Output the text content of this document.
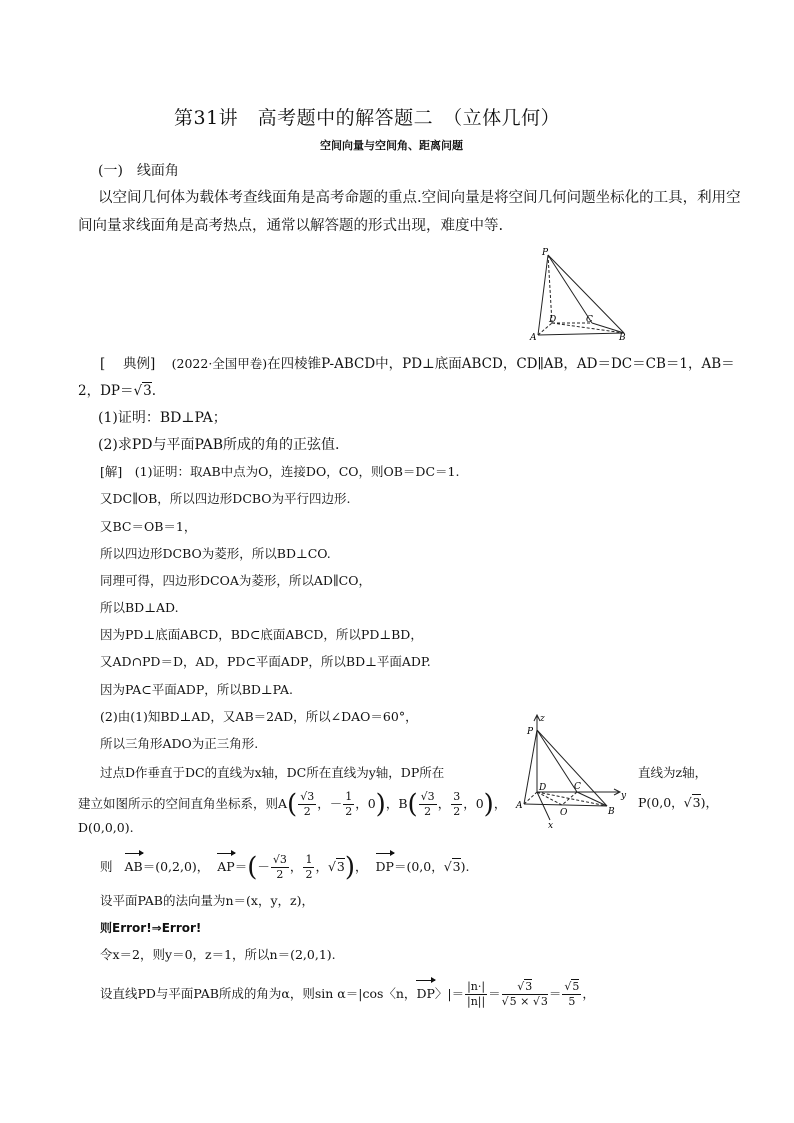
第31讲　高考题中的解答题二　（立体几何）
空间向量与空间角、距离问题
(一)　线面角
以空间几何体为载体考查线面角是高考命题的重点.空间向量是将空间几何问题坐标化的工具，利用空
间向量求线面角是高考热点，通常以解答题的形式出现，难度中等.
P
D	C
A	B
[　 典例] (2022·全国甲卷)在四棱锥P-ABCD中，PD⊥底面ABCD，CD∥AB，AD＝DC＝CB＝1，AB＝
2，DP＝√3.
(1)证明：BD⊥PA；
(2)求PD与平面PAB所成的角的正弦值.
[解]　(1)证明：取AB中点为O，连接DO，CO，则OB＝DC＝1.
又DC∥OB，所以四边形DCBO为平行四边形.
又BC＝OB＝1，
所以四边形DCBO为菱形，所以BD⊥CO.
同理可得，四边形DCOA为菱形，所以AD∥CO，
所以BD⊥AD.
因为PD⊥底面ABCD，BD⊂底面ABCD，所以PD⊥BD，
又AD∩PD＝D，AD，PD⊂平面ADP，所以BD⊥平面ADP.
因为PA⊂平面ADP，所以BD⊥PA.
(2)由(1)知BD⊥AD，又AB＝2AD，所以∠DAO＝60°，
所以三角形ADO为正三角形.
z
P
D	C
A
O	B
y
x
过点D作垂直于DC的直线为x轴，DC所在直线为y轴，DP所在	直线为z轴，
建立如图所示的空间直角坐标系，则$A( \frac{√3}{2}$ ，－ $\frac{1}{2}$ ，0)，$B( \frac{√3}{2}$ ， $\frac{3}{2}$ ，0)，	P(0,0，√3)，
D(0,0,0).
则 AB＝(0,2,0)， $AP=(- \frac{√3}{2}$ ， $\frac{1}{2}$ ，√3)， DP＝(0,0，√3).
设平面PAB的法向量为n＝(x，y，z)，
则Error!⇒Error!
令x＝2，则y＝0，z＝1，所以n＝(2,0,1).
设直线PD与平面PAB所成的角为α，则sin α＝|cos〈n，DP〉|＝ $\frac{|n\cdot|}{|n||} = \frac{√3}{√5 \times √3} = \frac{√5}{5}$ ，
